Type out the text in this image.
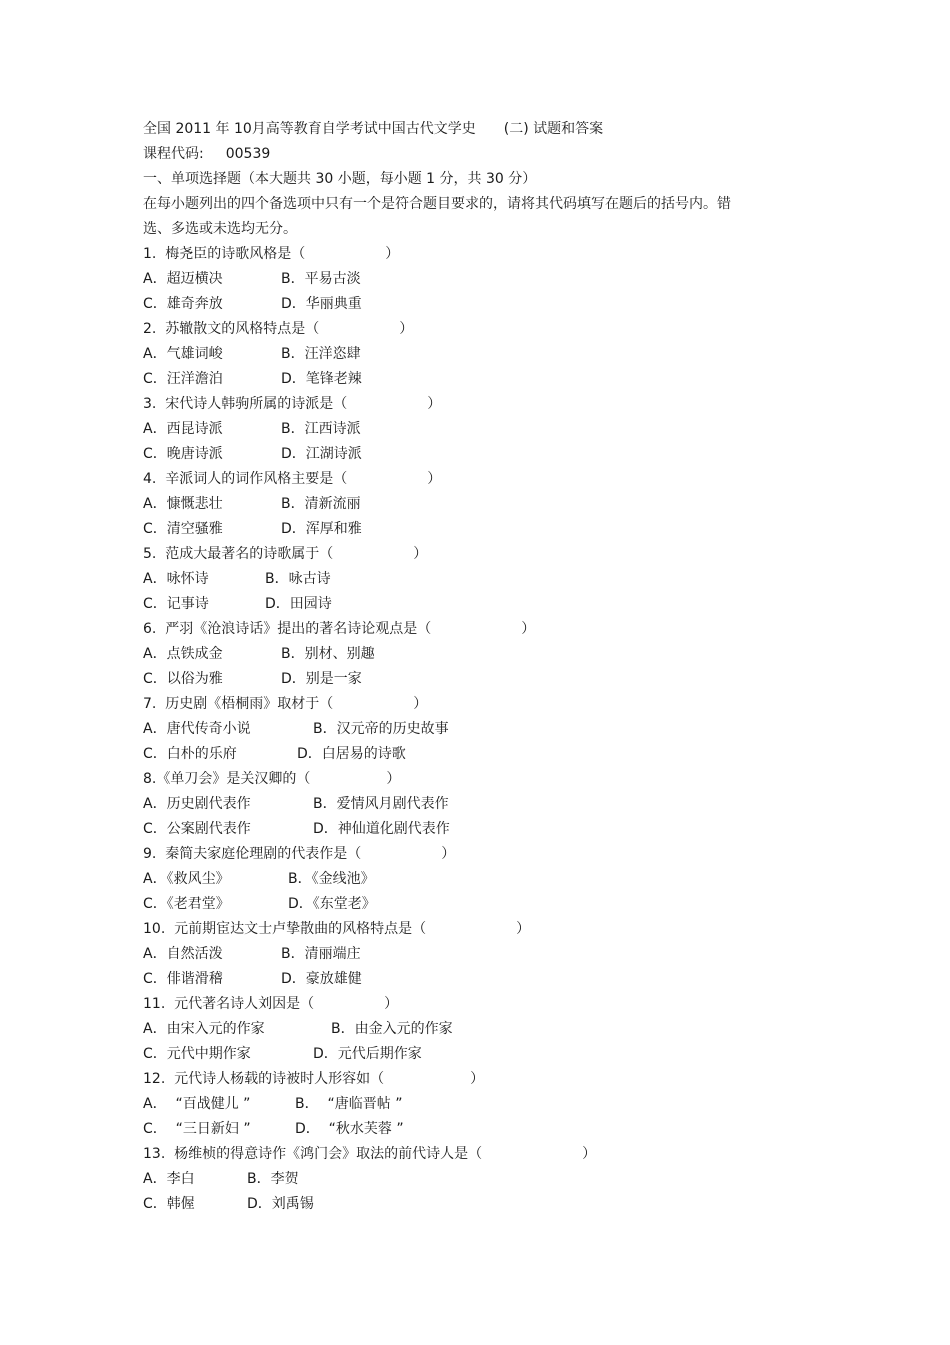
全国 2011 年 10月高等教育自学考试中国古代文学史 (二) 试题和答案
课程代码: 00539
一、单项选择题（本大题共 30 小题，每小题 1 分，共 30 分）
在每小题列出的四个备选项中只有一个是符合题目要求的，请将其代码填写在题后的括号内。错选、多选或未选均无分。
1.  梅尧臣的诗歌风格是（	）
A．超迈横决	B．平易古淡
C．雄奇奔放	D．华丽典重
2.  苏辙散文的风格特点是（	）
A．气雄词峻	B．汪洋恣肆
C．汪洋澹泊	D．笔锋老辣
3.  宋代诗人韩驹所属的诗派是（	）
A．西昆诗派	B．江西诗派
C．晚唐诗派	D．江湖诗派
4.  辛派词人的词作风格主要是（	）
A．慷慨悲壮	B．清新流丽
C．清空骚雅	D．浑厚和雅
5.  范成大最著名的诗歌属于（	）
A．咏怀诗	B．咏古诗
C．记事诗	D．田园诗
6.  严羽《沧浪诗话》提出的著名诗论观点是（	）
A．点铁成金	B．别材、别趣
C．以俗为雅	D．别是一家
7.  历史剧《梧桐雨》取材于（	）
A．唐代传奇小说	B．汉元帝的历史故事
C．白朴的乐府	D．白居易的诗歌
8.《单刀会》是关汉卿的（	）
A．历史剧代表作	B．爱情风月剧代表作
C．公案剧代表作	D．神仙道化剧代表作
9.  秦简夫家庭伦理剧的代表作是（	）
A．《救风尘》	B．《金线池》
C．《老君堂》	D．《东堂老》
10.  元前期宦达文士卢挚散曲的风格特点是（	）
A．自然活泼	B．清丽端庄
C．俳谐滑稽	D．豪放雄健
11.  元代著名诗人刘因是（	）
A．由宋入元的作家	B．由金入元的作家
C．元代中期作家	D．元代后期作家
12.  元代诗人杨载的诗被时人形容如（	）
A．  “百战健儿 ”	B．  “唐临晋帖 ”
C．  “三日新妇 ”	D．  “秋水芙蓉 ”
13.  杨维桢的得意诗作《鸿门会》取法的前代诗人是（	）
A．李白	B．李贺
C．韩偓	D．刘禹锡
